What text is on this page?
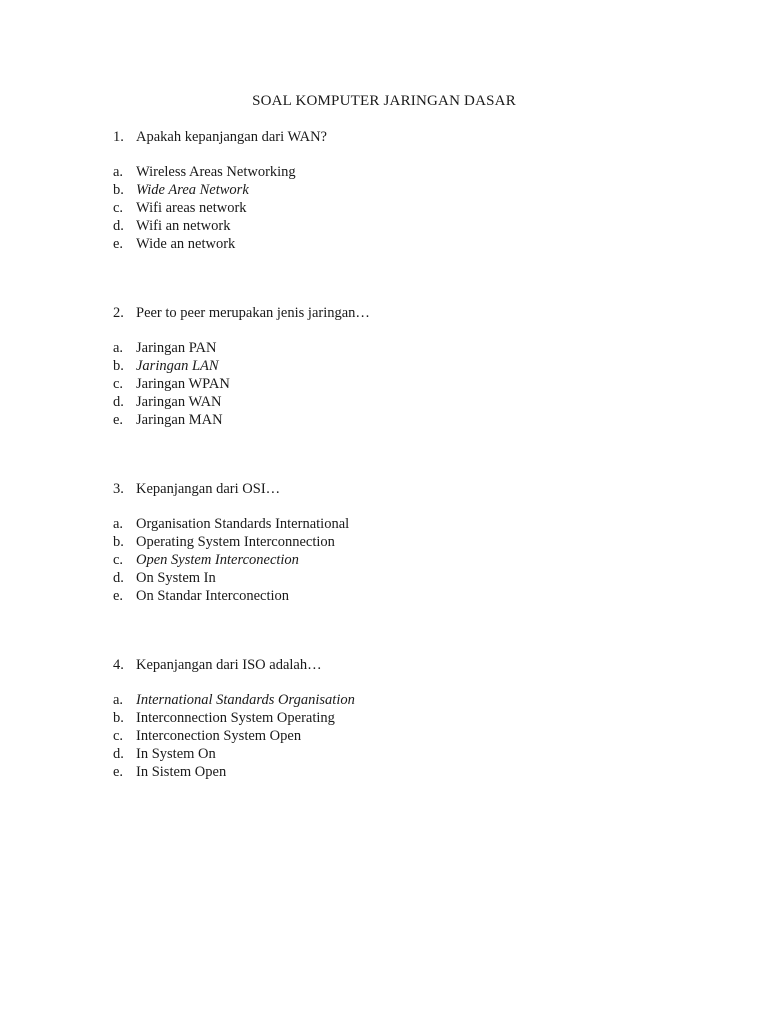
SOAL KOMPUTER JARINGAN DASAR
1. Apakah kepanjangan dari WAN?
a. Wireless Areas Networking
b. Wide Area Network
c. Wifi areas network
d. Wifi an network
e. Wide an network
2. Peer to peer merupakan jenis jaringan…
a. Jaringan PAN
b. Jaringan LAN
c. Jaringan WPAN
d. Jaringan WAN
e. Jaringan MAN
3. Kepanjangan dari OSI…
a. Organisation Standards International
b. Operating System Interconnection
c. Open System Interconection
d. On System In
e. On Standar Interconection
4. Kepanjangan dari ISO adalah…
a. International Standards Organisation
b. Interconnection System Operating
c. Interconection System Open
d. In System On
e. In Sistem Open
